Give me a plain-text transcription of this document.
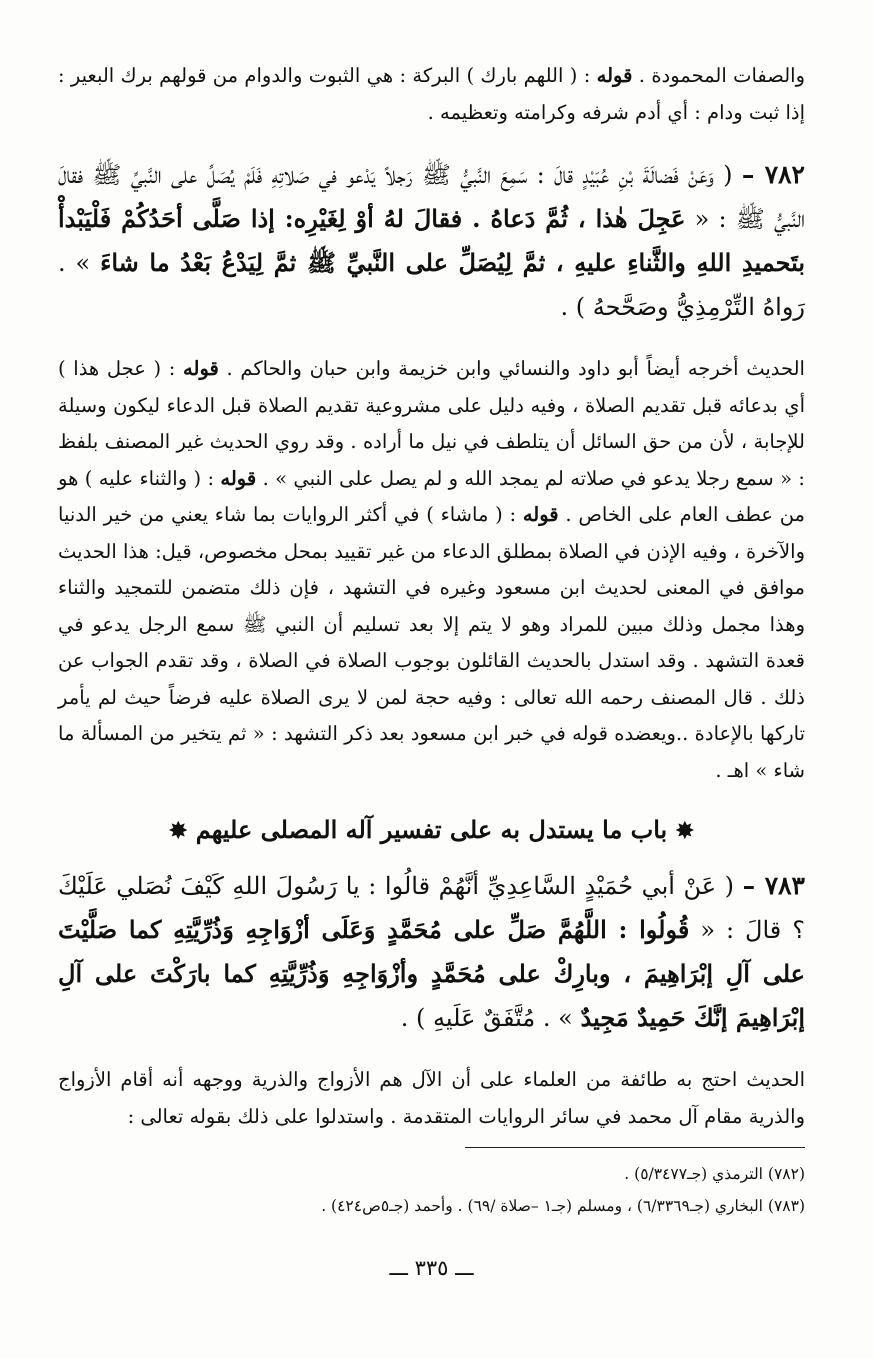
والصفات المحمودة . قوله : ( اللهم بارك ) البركة : هي الثبوت والدوام من قولهم برك البعير : إذا ثبت ودام : أي أدم شرفه وكرامته وتعظيمه .

٧٨٢ – ( وَعَنْ فَضالَةَ بْنِ عُبَيْدٍ قالَ : سَمِعَ النَّبيُّ ﷺ رَجلاً يَدْعو في صَلاتِهِ فَلَمْ يُصَلِّ على النَّبيِّ ﷺ فقالَ النَّبيُّ ﷺ : « عَجِلَ هٰذا ، ثُمَّ دَعاهُ . فقالَ لهُ أوْ لِغَيْرِه: إذا صَلَّى أحَدُكُمْ فَلْيَبْدأْ بتَحميدِ اللهِ والثَّناءِ عليهِ ، ثمَّ لِيُصَلِّ على النَّبيِّ ﷺ ثمَّ لِيَدْعُ بَعْدُ ما شاءَ » . رَواهُ التِّرْمِذِيُّ وصَحَّحهُ ) .

الحديث أخرجه أيضاً أبو داود والنسائي وابن خزيمة وابن حبان والحاكم . قوله : ( عجل هذا ) أي بدعائه قبل تقديم الصلاة ، وفيه دليل على مشروعية تقديم الصلاة قبل الدعاء ليكون وسيلة للإجابة ، لأن من حق السائل أن يتلطف في نيل ما أراده . وقد روي الحديث غير المصنف بلفظ : « سمع رجلا يدعو في صلاته لم يمجد الله و لم يصل على النبي » . قوله : ( والثناء عليه ) هو من عطف العام على الخاص . قوله : ( ماشاء ) في أكثر الروايات بما شاء يعني من خير الدنيا والآخرة ، وفيه الإذن في الصلاة بمطلق الدعاء من غير تقييد بمحل مخصوص، قيل: هذا الحديث موافق في المعنى لحديث ابن مسعود وغيره في التشهد ، فإن ذلك متضمن للتمجيد والثناء وهذا مجمل وذلك مبين للمراد وهو لا يتم إلا بعد تسليم أن النبي ﷺ سمع الرجل يدعو في قعدة التشهد . وقد استدل بالحديث القائلون بوجوب الصلاة في الصلاة ، وقد تقدم الجواب عن ذلك . قال المصنف رحمه الله تعالى : وفيه حجة لمن لا يرى الصلاة عليه فرضاً حيث لم يأمر تاركها بالإعادة ..ويعضده قوله في خبر ابن مسعود بعد ذكر التشهد : « ثم يتخير من المسألة ما شاء » اهـ .

✸ باب ما يستدل به على تفسير آله المصلى عليهم ✸

٧٨٣ – ( عَنْ أبي حُمَيْدٍ السَّاعِدِيِّ أنَّهُمْ قالُوا : يا رَسُولَ اللهِ كَيْفَ نُصَلي عَلَيْكَ ؟ قالَ : « قُولُوا : اللَّهُمَّ صَلِّ على مُحَمَّدٍ وَعَلَى أزْوَاجِهِ وَذُرِّيَّتِهِ كما صَلَّيْتَ على آلِ إبْرَاهِيمَ ، وبارِكْ على مُحَمَّدٍ وأزْوَاجِهِ وَذُرِّيَّتِهِ كما بارَكْتَ على آلِ إبْرَاهِيمَ إنَّكَ حَمِيدٌ مَجِيدٌ » . مُتَّفَقٌ عَلَيهِ ) .

الحديث احتج به طائفة من العلماء على أن الآل هم الأزواج والذرية ووجهه أنه أقام الأزواج والذرية مقام آل محمد في سائر الروايات المتقدمة . واستدلوا على ذلك بقوله تعالى :

(٧٨٢) الترمذي (جـ٥/٣٤٧٧) .
(٧٨٣) البخاري (جـ٦/٣٣٦٩) ، ومسلم (جـ١ –صلاة /٦٩) . وأحمد (جـ٥ص٤٢٤) .
ـــ ٣٣٥ ـــ
